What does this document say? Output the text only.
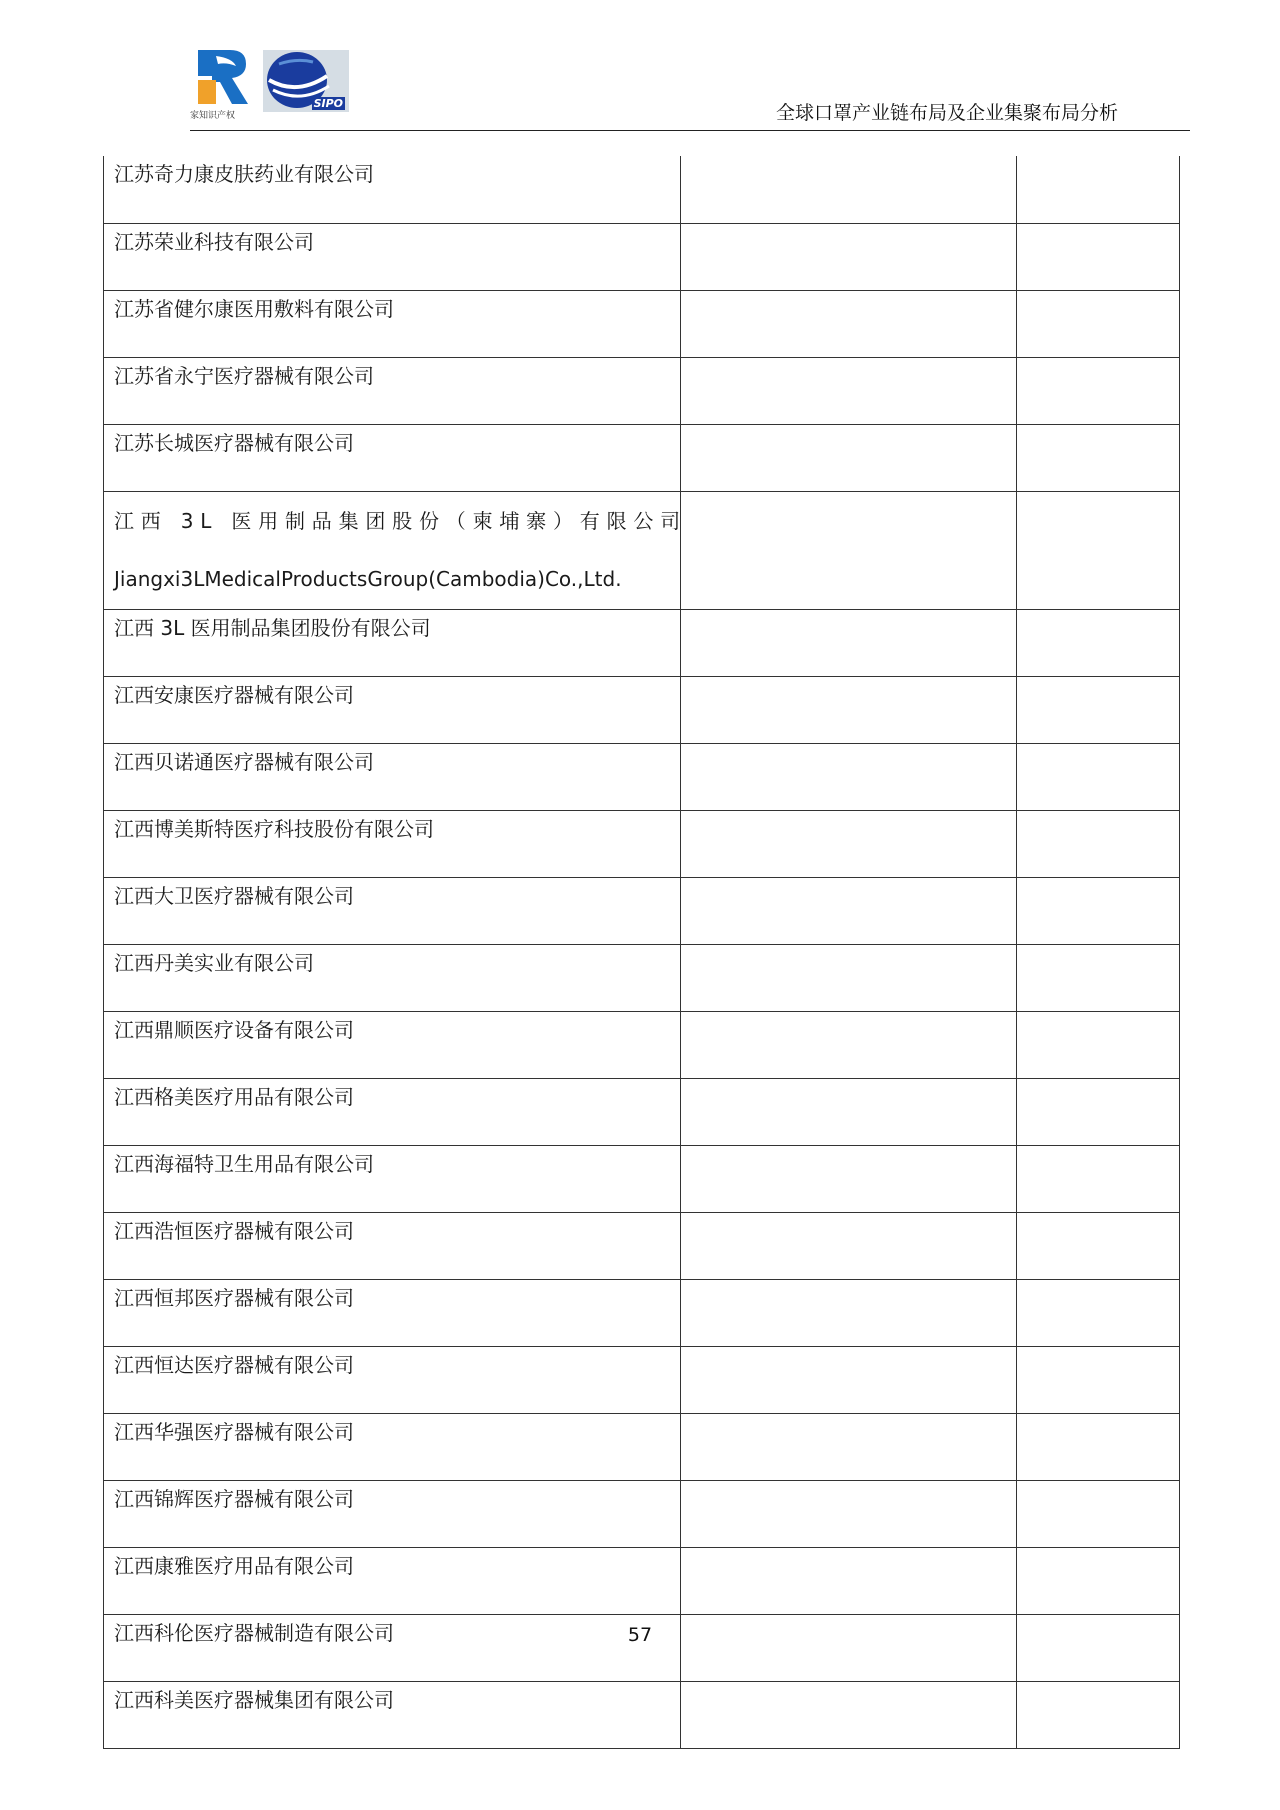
家知识产权
SIPO	全球口罩产业链布局及企业集聚布局分析
江苏奇力康皮肤药业有限公司		
江苏荣业科技有限公司		
江苏省健尔康医用敷料有限公司		
江苏省永宁医疗器械有限公司		
江苏长城医疗器械有限公司		

江西 3L 医用制品集团股份（柬埔寨）有限公司
Jiangxi3LMedicalProductsGroup(Cambodia)Co.,Ltd.		

江西 3L 医用制品集团股份有限公司		
江西安康医疗器械有限公司		
江西贝诺通医疗器械有限公司		
江西博美斯特医疗科技股份有限公司		
江西大卫医疗器械有限公司		
江西丹美实业有限公司		
江西鼎顺医疗设备有限公司		
江西格美医疗用品有限公司		
江西海福特卫生用品有限公司		
江西浩恒医疗器械有限公司		
江西恒邦医疗器械有限公司		
江西恒达医疗器械有限公司		
江西华强医疗器械有限公司		
江西锦辉医疗器械有限公司		
江西康雅医疗用品有限公司		
江西科伦医疗器械制造有限公司		
江西科美医疗器械集团有限公司		
57
